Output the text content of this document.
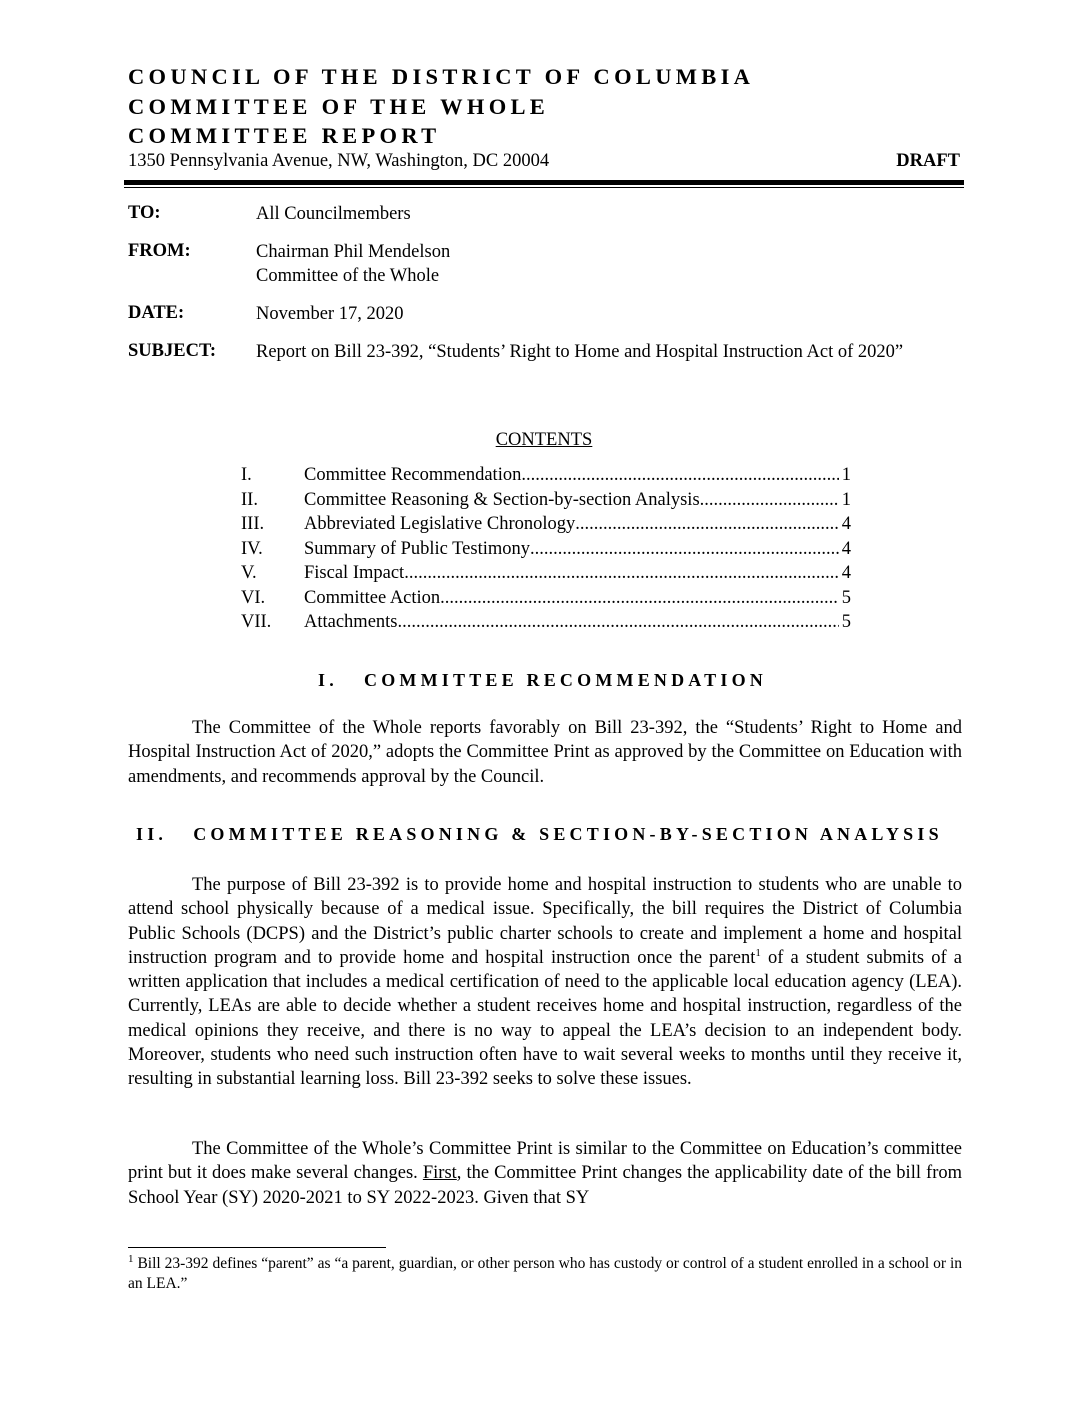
COUNCIL OF THE DISTRICT OF COLUMBIA
COMMITTEE OF THE WHOLE
COMMITTEE REPORT
1350 Pennsylvania Avenue, NW, Washington, DC 20004	DRAFT
TO:	All Councilmembers
FROM:	Chairman Phil Mendelson
Committee of the Whole
DATE:	November 17, 2020
SUBJECT: Report on Bill 23-392, “Students’ Right to Home and Hospital Instruction Act of 2020”
CONTENTS
I.	Committee Recommendation .....	1
II.	Committee Reasoning & Section-by-section Analysis .....	1
III.	Abbreviated Legislative Chronology .....	4
IV.	Summary of Public Testimony .....	4
V.	Fiscal Impact .....	4
VI.	Committee Action .....	5
VII.	Attachments .....	5
I.   COMMITTEE RECOMMENDATION

The Committee of the Whole reports favorably on Bill 23-392, the “Students’ Right to Home and Hospital Instruction Act of 2020,” adopts the Committee Print as approved by the Committee on Education with amendments, and recommends approval by the Council.

II.   COMMITTEE REASONING & SECTION-BY-SECTION ANALYSIS

The purpose of Bill 23-392 is to provide home and hospital instruction to students who are unable to attend school physically because of a medical issue. Specifically, the bill requires the District of Columbia Public Schools (DCPS) and the District’s public charter schools to create and implement a home and hospital instruction program and to provide home and hospital instruction once the parent$^1$ of a student submits of a written application that includes a medical certification of need to the applicable local education agency (LEA). Currently, LEAs are able to decide whether a student receives home and hospital instruction, regardless of the medical opinions they receive, and there is no way to appeal the LEA’s decision to an independent body. Moreover, students who need such instruction often have to wait several weeks to months until they receive it, resulting in substantial learning loss. Bill 23-392 seeks to solve these issues.

The Committee of the Whole’s Committee Print is similar to the Committee on Education’s committee print but it does make several changes. First, the Committee Print changes the applicability date of the bill from School Year (SY) 2020-2021 to SY 2022-2023. Given that SY

$^1$ Bill 23-392 defines “parent” as “a parent, guardian, or other person who has custody or control of a student enrolled in a school or in an LEA.”
